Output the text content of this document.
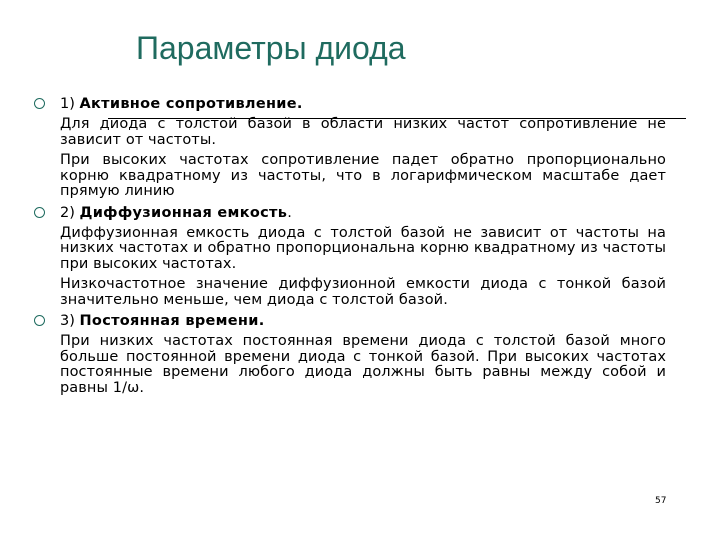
Параметры диода
1) Активное сопротивление.
Для диода с толстой базой в области низких частот сопротивление не зависит от частоты.
При высоких частотах сопротивление падет обратно пропорционально корню квадратному из частоты, что в логарифмическом масштабе дает прямую линию
2) Диффузионная емкость.
Диффузионная емкость диода с толстой базой не зависит от частоты на низких частотах и обратно пропорциональна корню квадратному из частоты при высоких частотах.
Низкочастотное значение диффузионной емкости диода с тонкой базой значительно меньше, чем диода с толстой базой.
3) Постоянная времени.
При низких частотах постоянная времени диода с толстой базой много больше постоянной времени диода с тонкой базой. При высоких частотах постоянные времени любого диода должны быть равны между собой и равны 1/ω.
57
